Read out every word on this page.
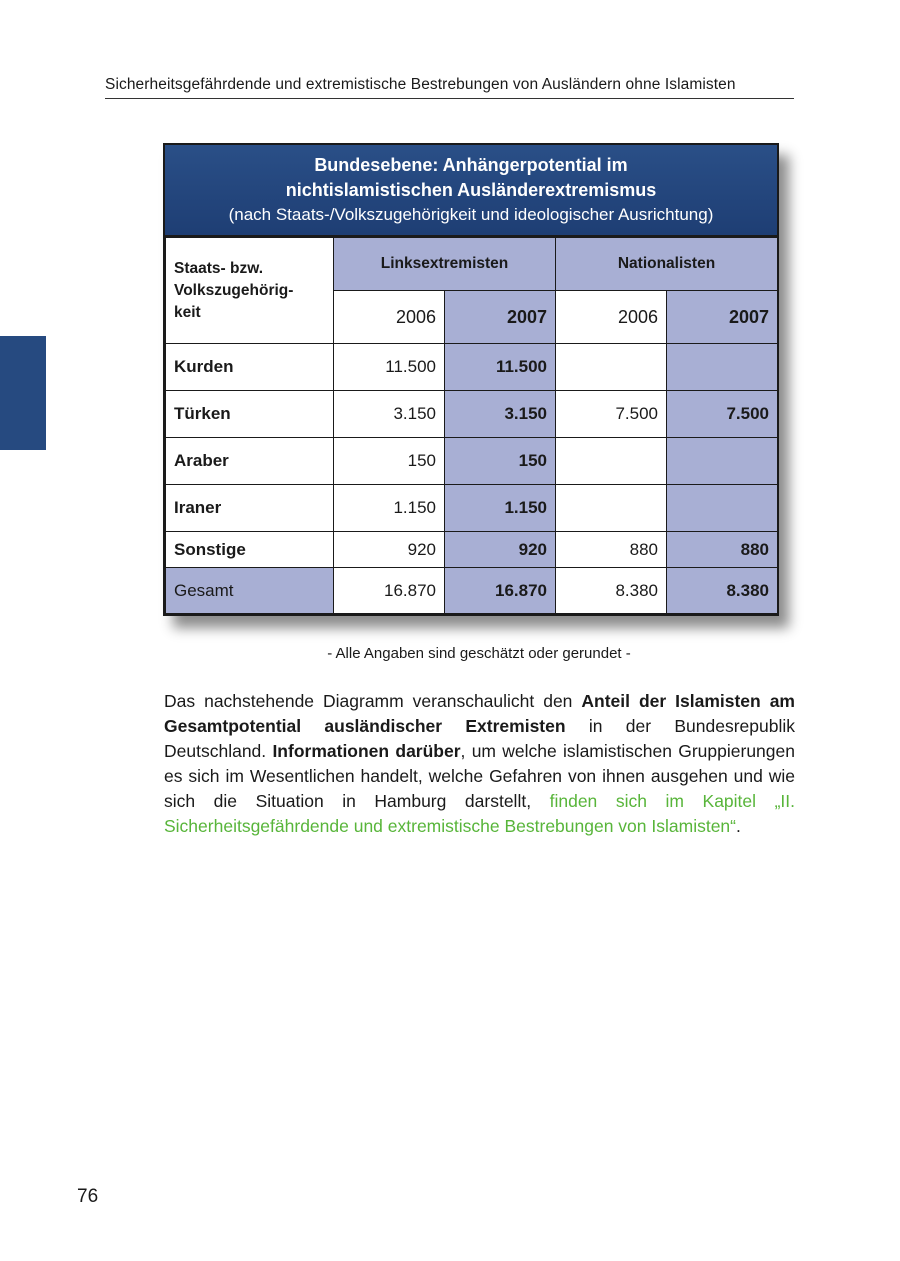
Sicherheitsgefährdende und extremistische Bestrebungen von Ausländern ohne Islamisten
Bundesebene: Anhängerpotential im
nichtislamistischen Ausländerextremismus
(nach Staats-/Volkszugehörigkeit und ideologischer Ausrichtung)
Staats- bzw.
Volkszugehörig-
keit	Linksextremisten		Nationalisten	
	2006	2007	2006	2007
Kurden	11.500	11.500		
Türken	3.150	3.150	7.500	7.500
Araber	150	150		
Iraner	1.150	1.150		
Sonstige	920	920	880	880
Gesamt	16.870	16.870	8.380	8.380
- Alle Angaben sind geschätzt oder gerundet -
Das nachstehende Diagramm veranschaulicht den Anteil der Islamisten am Gesamtpotential ausländischer Extremisten in der Bundesrepublik Deutschland. Informationen darüber, um welche islamistischen Gruppierungen es sich im Wesentlichen handelt, welche Gefahren von ihnen ausgehen und wie sich die Situation in Hamburg darstellt, finden sich im Kapitel „II. Sicherheitsgefährdende und extremistische Bestrebungen von Islamisten“.
76
